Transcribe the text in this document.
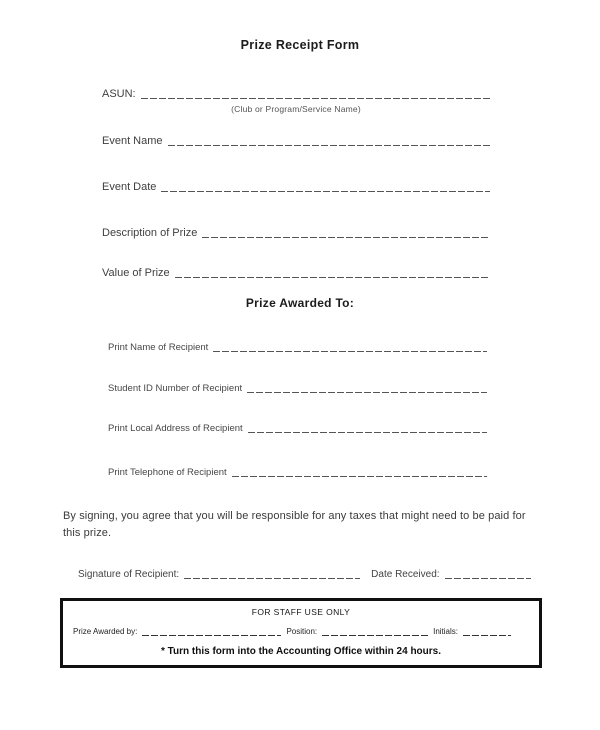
Prize Receipt Form
ASUN:
(Club or Program/Service Name)
Event Name
Event Date
Description of Prize
Value of Prize
Prize Awarded To:
Print Name of Recipient
Student ID Number of Recipient
Print Local Address of Recipient
Print Telephone of Recipient
By signing, you agree that you will be responsible for any taxes that might need to be paid for this prize.
Signature of Recipient:	Date Received:
FOR STAFF USE ONLY
Prize Awarded by:	Position:	Initials:
* Turn this form into the Accounting Office within 24 hours.
